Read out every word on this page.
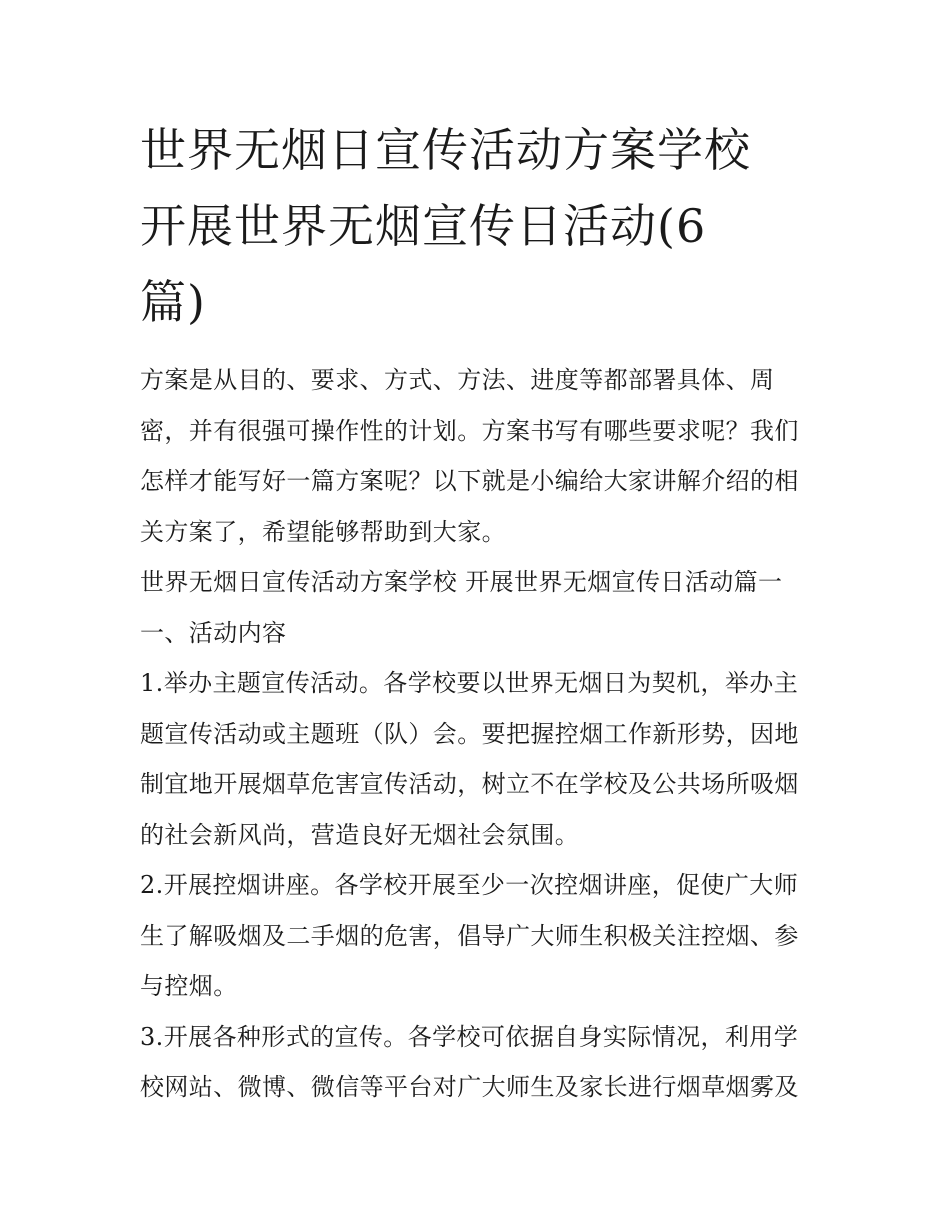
世界无烟日宣传活动方案学校
开展世界无烟宣传日活动(6
篇)
方案是从目的、要求、方式、方法、进度等都部署具体、周
密，并有很强可操作性的计划。方案书写有哪些要求呢？我们
怎样才能写好一篇方案呢？以下就是小编给大家讲解介绍的相
关方案了，希望能够帮助到大家。
世界无烟日宣传活动方案学校 开展世界无烟宣传日活动篇一
一、活动内容
1.举办主题宣传活动。各学校要以世界无烟日为契机，举办主
题宣传活动或主题班（队）会。要把握控烟工作新形势，因地
制宜地开展烟草危害宣传活动，树立不在学校及公共场所吸烟
的社会新风尚，营造良好无烟社会氛围。
2.开展控烟讲座。各学校开展至少一次控烟讲座，促使广大师
生了解吸烟及二手烟的危害，倡导广大师生积极关注控烟、参
与控烟。
3.开展各种形式的宣传。各学校可依据自身实际情况，利用学
校网站、微博、微信等平台对广大师生及家长进行烟草烟雾及
